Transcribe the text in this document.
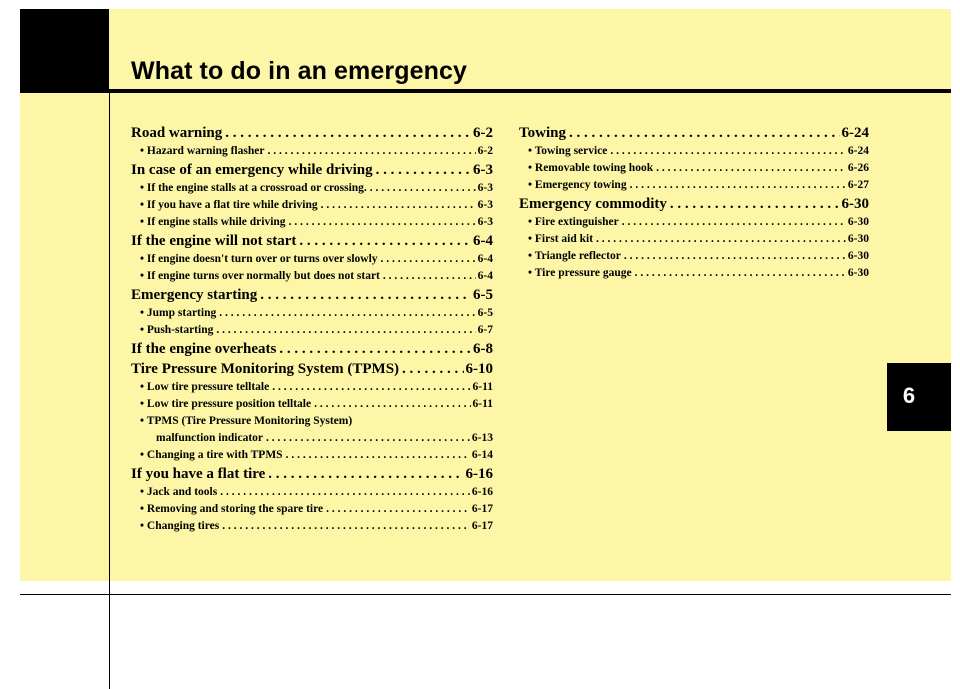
What to do in an emergency
6
Road warning . . .	6-2
• Hazard warning flasher . . .	6-2
In case of an emergency while driving . . .	6-3
• If the engine stalls at a crossroad or crossing. . . .	6-3
• If you have a flat tire while driving . . .	6-3
• If engine stalls while driving . . .	6-3
If the engine will not start . . .	6-4
• If engine doesn't turn over or turns over slowly . . .	6-4
• If engine turns over normally but does not start . . .	6-4
Emergency starting . . .	6-5
• Jump starting . . .	6-5
• Push-starting . . .	6-7
If the engine overheats . . .	6-8
Tire Pressure Monitoring System (TPMS) . . .	6-10
• Low tire pressure telltale . . .	6-11
• Low tire pressure position telltale . . .	6-11
• TPMS (Tire Pressure Monitoring System)
malfunction indicator . . .	6-13
• Changing a tire with TPMS . . .	6-14
If you have a flat tire . . .	6-16
• Jack and tools . . .	6-16
• Removing and storing the spare tire . . .	6-17
• Changing tires . . .	6-17
Towing . . .	6-24
• Towing service . . .	6-24
• Removable towing hook . . .	6-26
• Emergency towing . . .	6-27
Emergency commodity . . .	6-30
• Fire extinguisher . . .	6-30
• First aid kit . . .	6-30
• Triangle reflector . . .	6-30
• Tire pressure gauge . . .	6-30
